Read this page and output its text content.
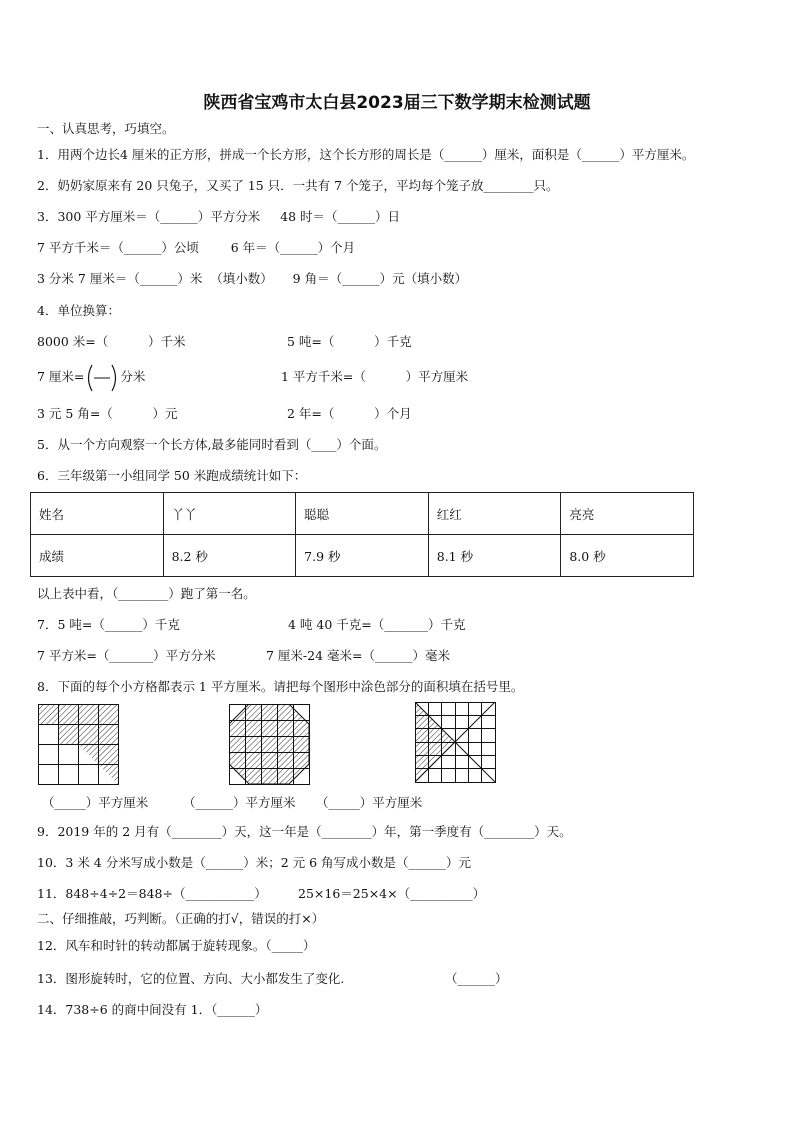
陕西省宝鸡市太白县2023届三下数学期末检测试题
一、认真思考，巧填空。
1．用两个边长4 厘米的正方形，拼成一个长方形，这个长方形的周长是（______）厘米，面积是（______）平方厘米。
2．奶奶家原来有 20 只兔子，又买了 15 只．一共有 7 个笼子，平均每个笼子放________只。
3．300 平方厘米＝（______）平方分米     48 时＝（______）日
7 平方千米＝（______）公顷        6 年＝（______）个月
3 分米 7 厘米＝（______）米  （填小数）     9 角＝（______）元（填小数）
4．单位换算：
8000 米=（          ）千米	5 吨=（          ）千克
7 厘米=	分米	1 平方千米=（          ）平方厘米
3 元 5 角=（          ）元	2 年=（          ）个月
5．从一个方向观察一个长方体,最多能同时看到（____）个面。
6．三年级第一小组同学 50 米跑成绩统计如下：
姓名	丫丫	聪聪	红红	亮亮
成绩	8.2 秒	7.9 秒	8.1 秒	8.0 秒
以上表中看，（________）跑了第一名。
7．5 吨=（______）千克	4 吨 40 千克=（_______）千克
7 平方米=（_______）平方分米	7 厘米-24 毫米=（______）毫米
8．下面的每个小方格都表示 1 平方厘米。请把每个图形中涂色部分的面积填在括号里。
（_____）平方厘米	（______）平方厘米 （_____）平方厘米
9．2019 年的 2 月有（________）天，这一年是（________）年，第一季度有（________）天。
10．3 米 4 分米写成小数是（______）米；2 元 6 角写成小数是（______）元
11．848÷4÷2＝848÷（___________）	25×16＝25×4×（__________）
二、仔细推敲，巧判断。（正确的打√，错误的打×）
12．风车和时针的转动都属于旋转现象。（_____）
13．图形旋转时，它的位置、方向、大小都发生了变化.	（______）
14．738÷6 的商中间没有 1．（______）
